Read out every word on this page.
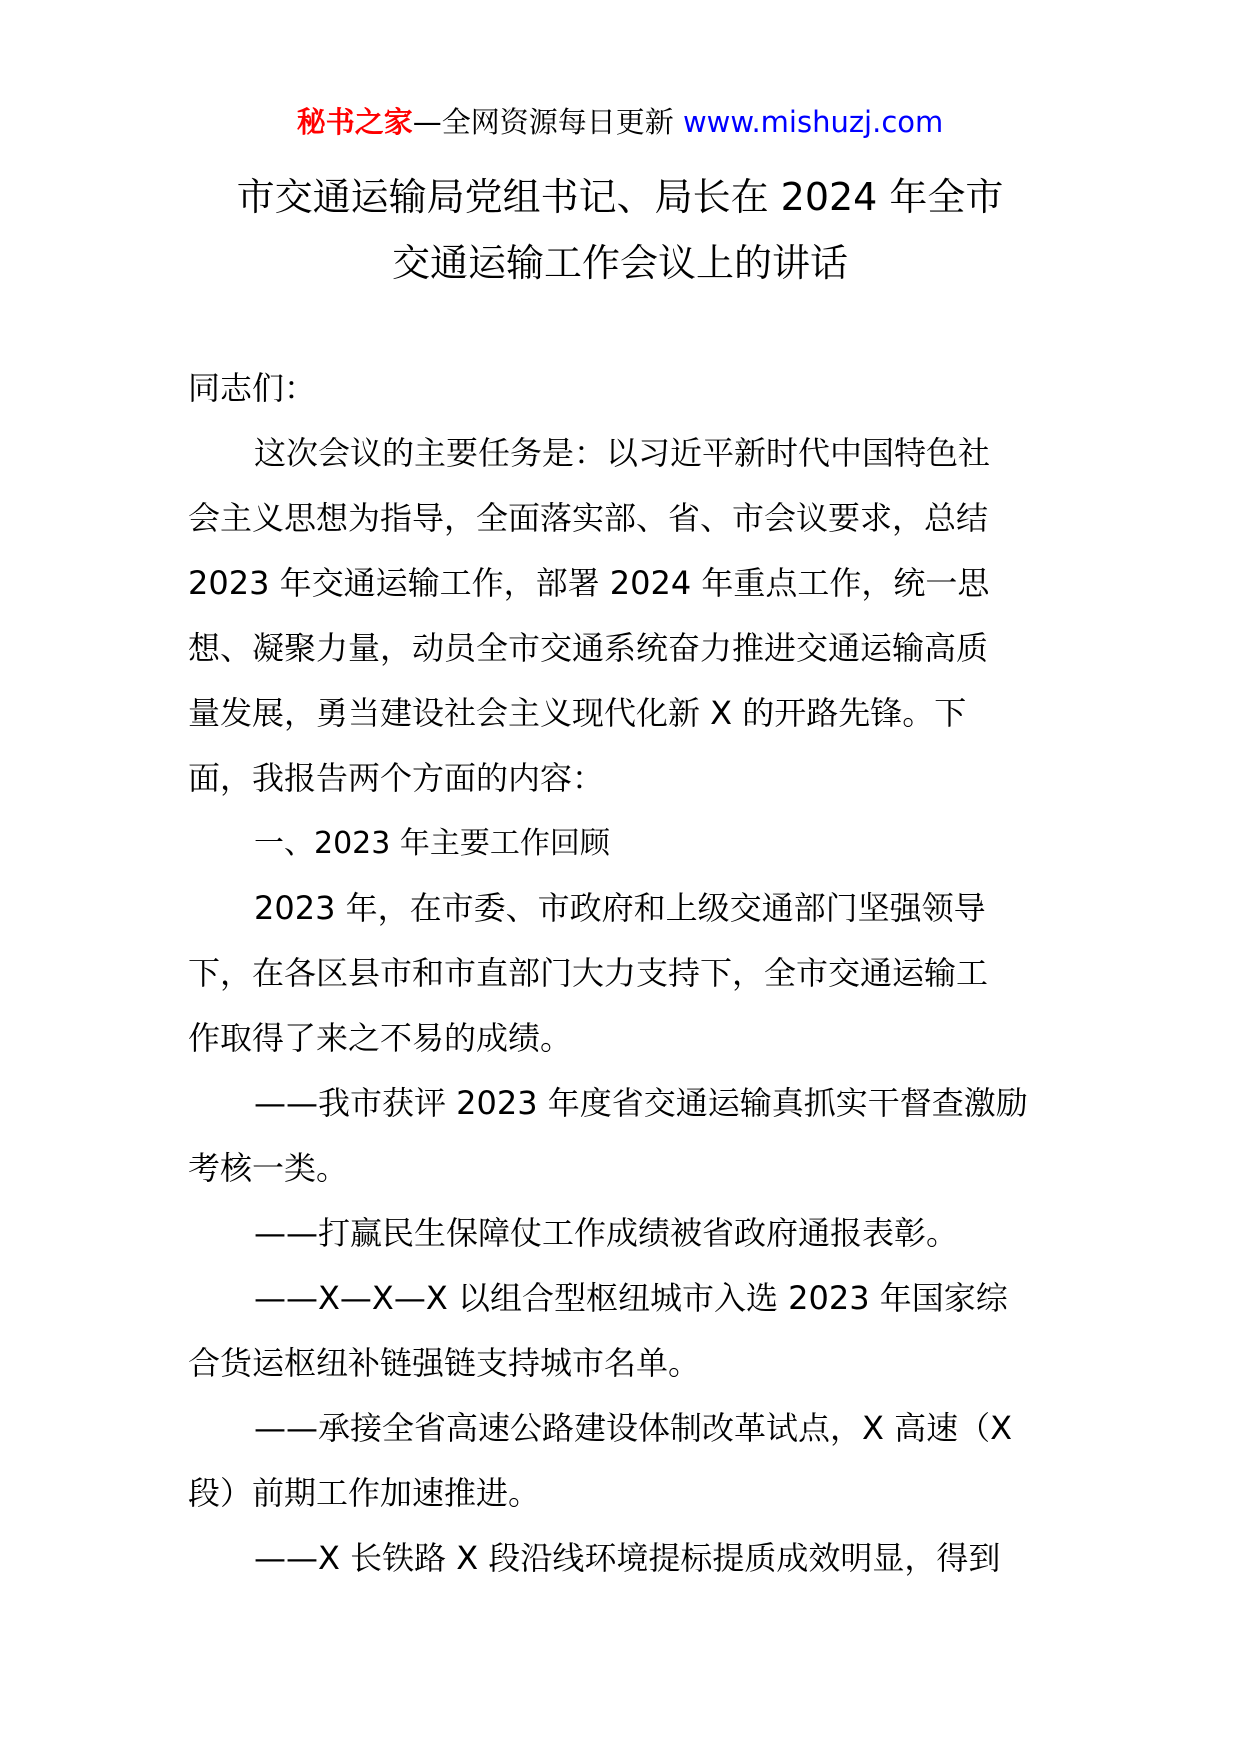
秘书之家—全网资源每日更新 www.mishuzj.com
市交通运输局党组书记、局长在 2024 年全市
交通运输工作会议上的讲话
同志们：
这次会议的主要任务是：以习近平新时代中国特色社
会主义思想为指导，全面落实部、省、市会议要求，总结
2023 年交通运输工作，部署 2024 年重点工作，统一思
想、凝聚力量，动员全市交通系统奋力推进交通运输高质
量发展，勇当建设社会主义现代化新 X 的开路先锋。下
面，我报告两个方面的内容：
一、2023 年主要工作回顾
2023 年，在市委、市政府和上级交通部门坚强领导
下，在各区县市和市直部门大力支持下，全市交通运输工
作取得了来之不易的成绩。
——我市获评 2023 年度省交通运输真抓实干督查激励
考核一类。
——打赢民生保障仗工作成绩被省政府通报表彰。
——X—X—X 以组合型枢纽城市入选 2023 年国家综
合货运枢纽补链强链支持城市名单。
——承接全省高速公路建设体制改革试点，X 高速（X
段）前期工作加速推进。
——X 长铁路 X 段沿线环境提标提质成效明显，得到
